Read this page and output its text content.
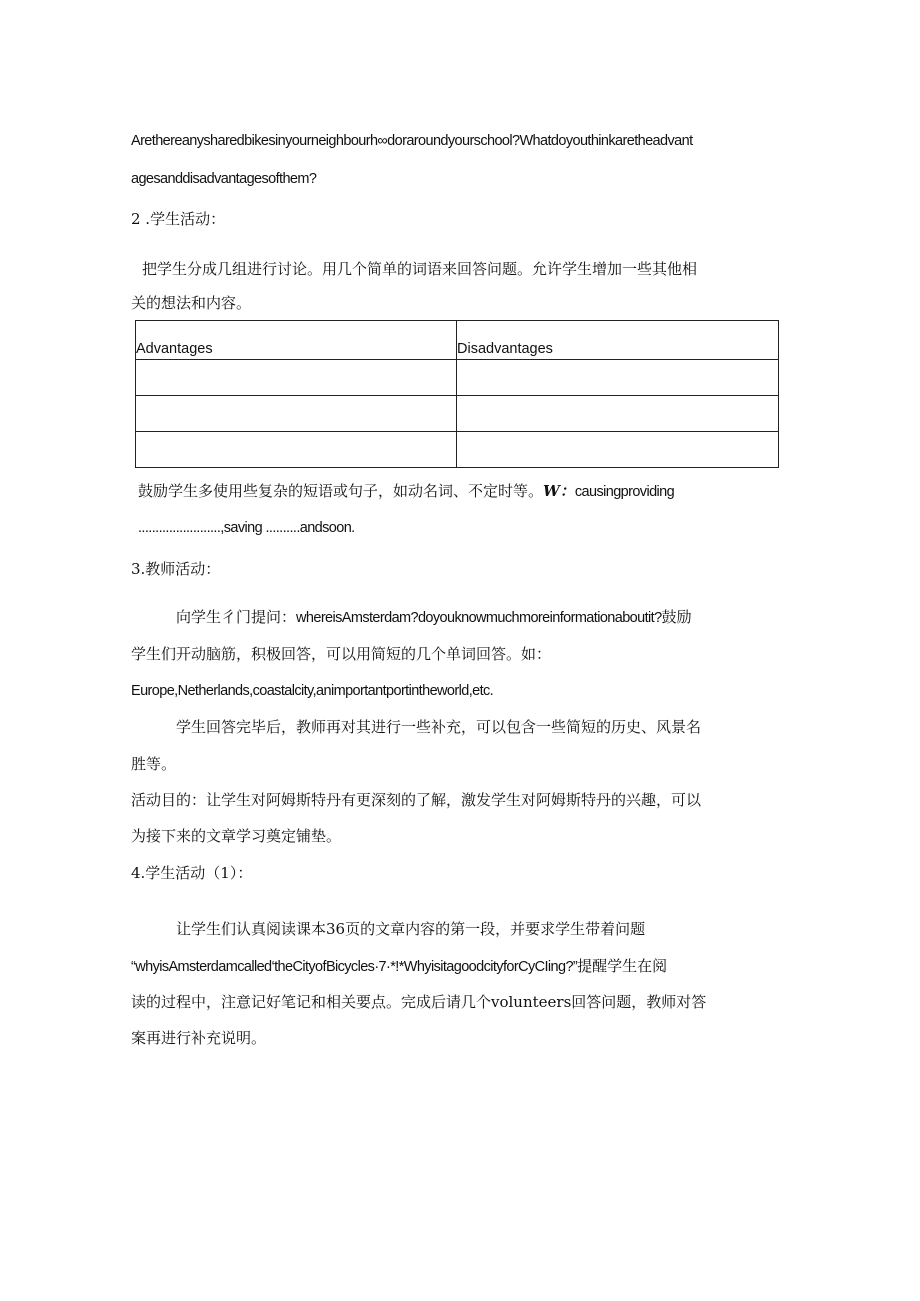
Arethereanysharedbikesinyourneighbourh∞doraroundyourschool?Whatdoyouthinkaretheadvant
agesanddisadvantagesofthem?
2 .学生活动：
把学生分成几组进行讨论。用几个简单的词语来回答问题。允许学生增加一些其他相
关的想法和内容。
Advantages	Disadvantages

鼓励学生多使用些复杂的短语或句子，如动名词、不定时等。W：causingproviding
........................,saving ..........andsoon.
3.教师活动：
向学生彳门提问：whereisAmsterdam?doyouknowmuchmoreinformationaboutit?鼓励
学生们开动脑筋，积极回答，可以用简短的几个单词回答。如：
Europe,Netherlands,coastalcity,animportantportintheworld,etc.
学生回答完毕后，教师再对其进行一些补充，可以包含一些简短的历史、风景名
胜等。
活动目的：让学生对阿姆斯特丹有更深刻的了解，激发学生对阿姆斯特丹的兴趣，可以
为接下来的文章学习奠定铺垫。
4.学生活动（1）：
让学生们认真阅读课本36页的文章内容的第一段，并要求学生带着问题
“whyisAmsterdamcalled‘theCityofBicycles·7·*!*WhyisitagoodcityforCyCIing?”提醒学生在阅
读的过程中，注意记好笔记和相关要点。完成后请几个volunteers回答问题，教师对答
案再进行补充说明。
